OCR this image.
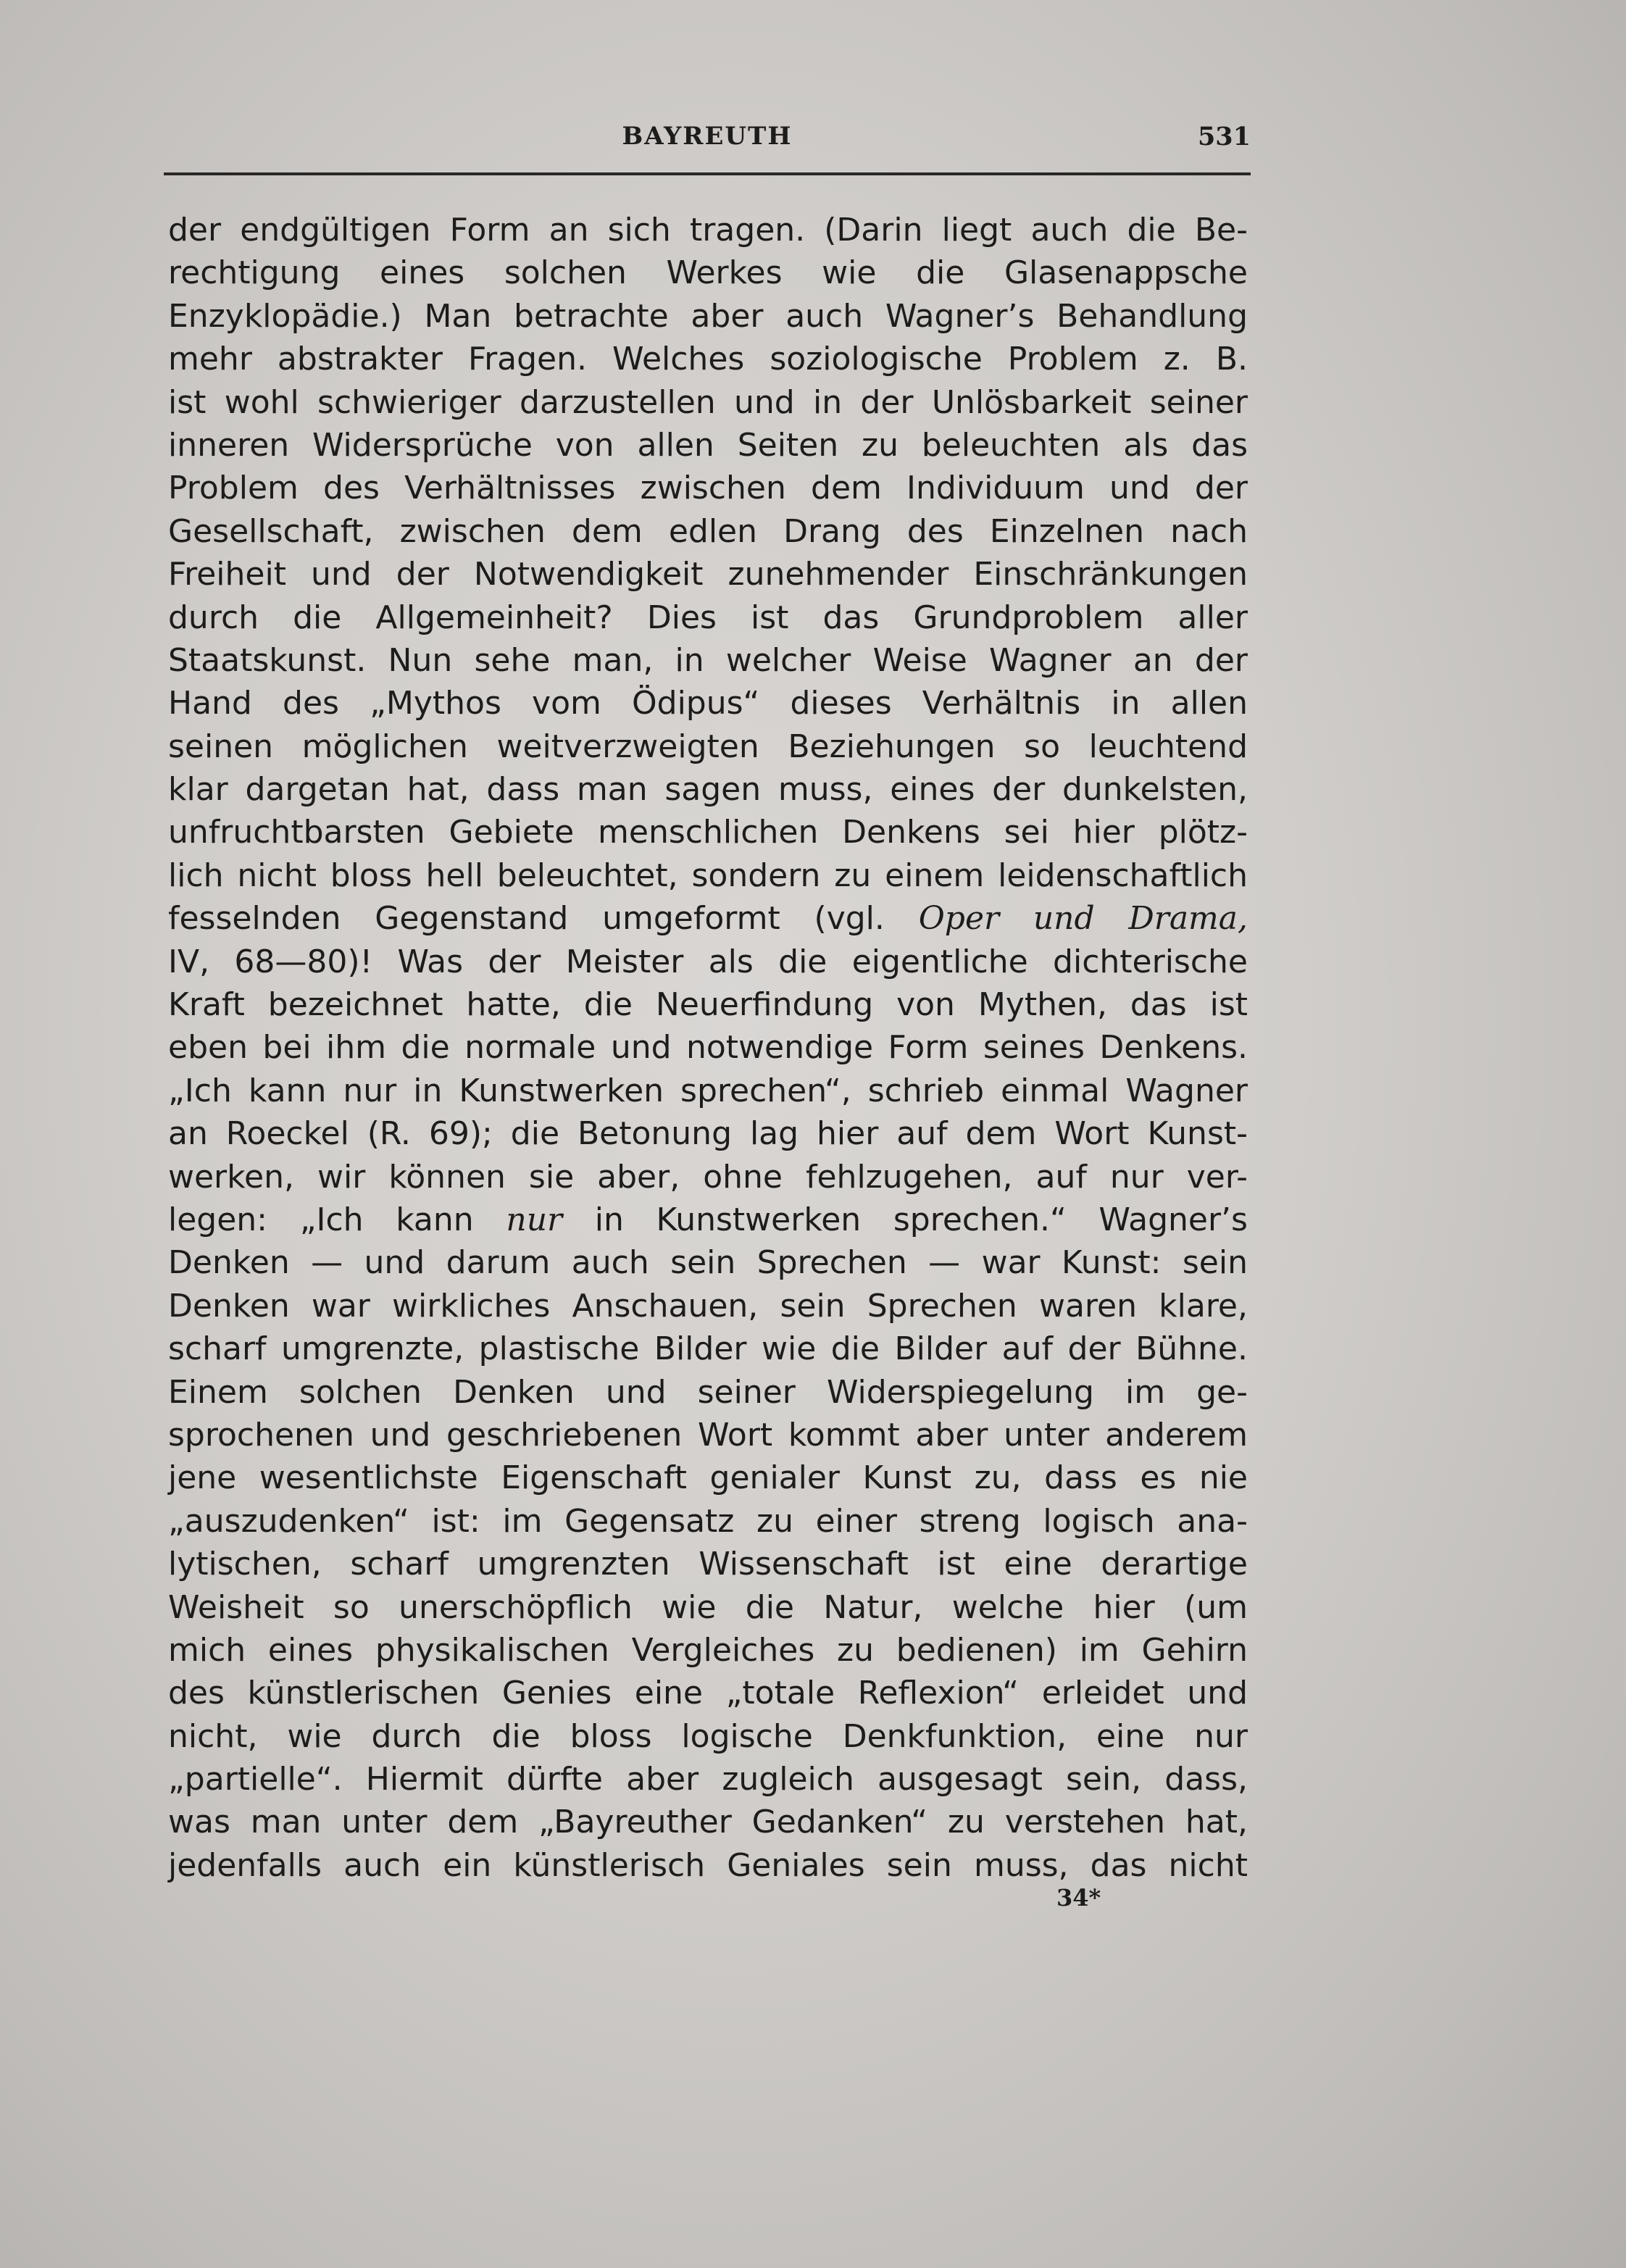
BAYREUTH	531
der endgültigen Form an sich tragen. (Darin liegt auch die Be-
rechtigung eines solchen Werkes wie die Glasenappsche
Enzyklopädie.) Man betrachte aber auch Wagner’s Behandlung
mehr abstrakter Fragen. Welches soziologische Problem z. B.
ist wohl schwieriger darzustellen und in der Unlösbarkeit seiner
inneren Widersprüche von allen Seiten zu beleuchten als das
Problem des Verhältnisses zwischen dem Individuum und der
Gesellschaft, zwischen dem edlen Drang des Einzelnen nach
Freiheit und der Notwendigkeit zunehmender Einschränkungen
durch die Allgemeinheit? Dies ist das Grundproblem aller
Staatskunst. Nun sehe man, in welcher Weise Wagner an der
Hand des „Mythos vom Ödipus“ dieses Verhältnis in allen
seinen möglichen weitverzweigten Beziehungen so leuchtend
klar dargetan hat, dass man sagen muss, eines der dunkelsten,
unfruchtbarsten Gebiete menschlichen Denkens sei hier plötz-
lich nicht bloss hell beleuchtet, sondern zu einem leidenschaftlich
fesselnden Gegenstand umgeformt (vgl. Oper und Drama,
IV, 68—80)! Was der Meister als die eigentliche dichterische
Kraft bezeichnet hatte, die Neuerfindung von Mythen, das ist
eben bei ihm die normale und notwendige Form seines Denkens.
„Ich kann nur in Kunstwerken sprechen“, schrieb einmal Wagner
an Roeckel (R. 69); die Betonung lag hier auf dem Wort Kunst-
werken, wir können sie aber, ohne fehlzugehen, auf nur ver-
legen: „Ich kann nur in Kunstwerken sprechen.“ Wagner’s
Denken — und darum auch sein Sprechen — war Kunst: sein
Denken war wirkliches Anschauen, sein Sprechen waren klare,
scharf umgrenzte, plastische Bilder wie die Bilder auf der Bühne.
Einem solchen Denken und seiner Widerspiegelung im ge-
sprochenen und geschriebenen Wort kommt aber unter anderem
jene wesentlichste Eigenschaft genialer Kunst zu, dass es nie
„auszudenken“ ist: im Gegensatz zu einer streng logisch ana-
lytischen, scharf umgrenzten Wissenschaft ist eine derartige
Weisheit so unerschöpflich wie die Natur, welche hier (um
mich eines physikalischen Vergleiches zu bedienen) im Gehirn
des künstlerischen Genies eine „totale Reflexion“ erleidet und
nicht, wie durch die bloss logische Denkfunktion, eine nur
„partielle“. Hiermit dürfte aber zugleich ausgesagt sein, dass,
was man unter dem „Bayreuther Gedanken“ zu verstehen hat,
jedenfalls auch ein künstlerisch Geniales sein muss, das nicht
34*
